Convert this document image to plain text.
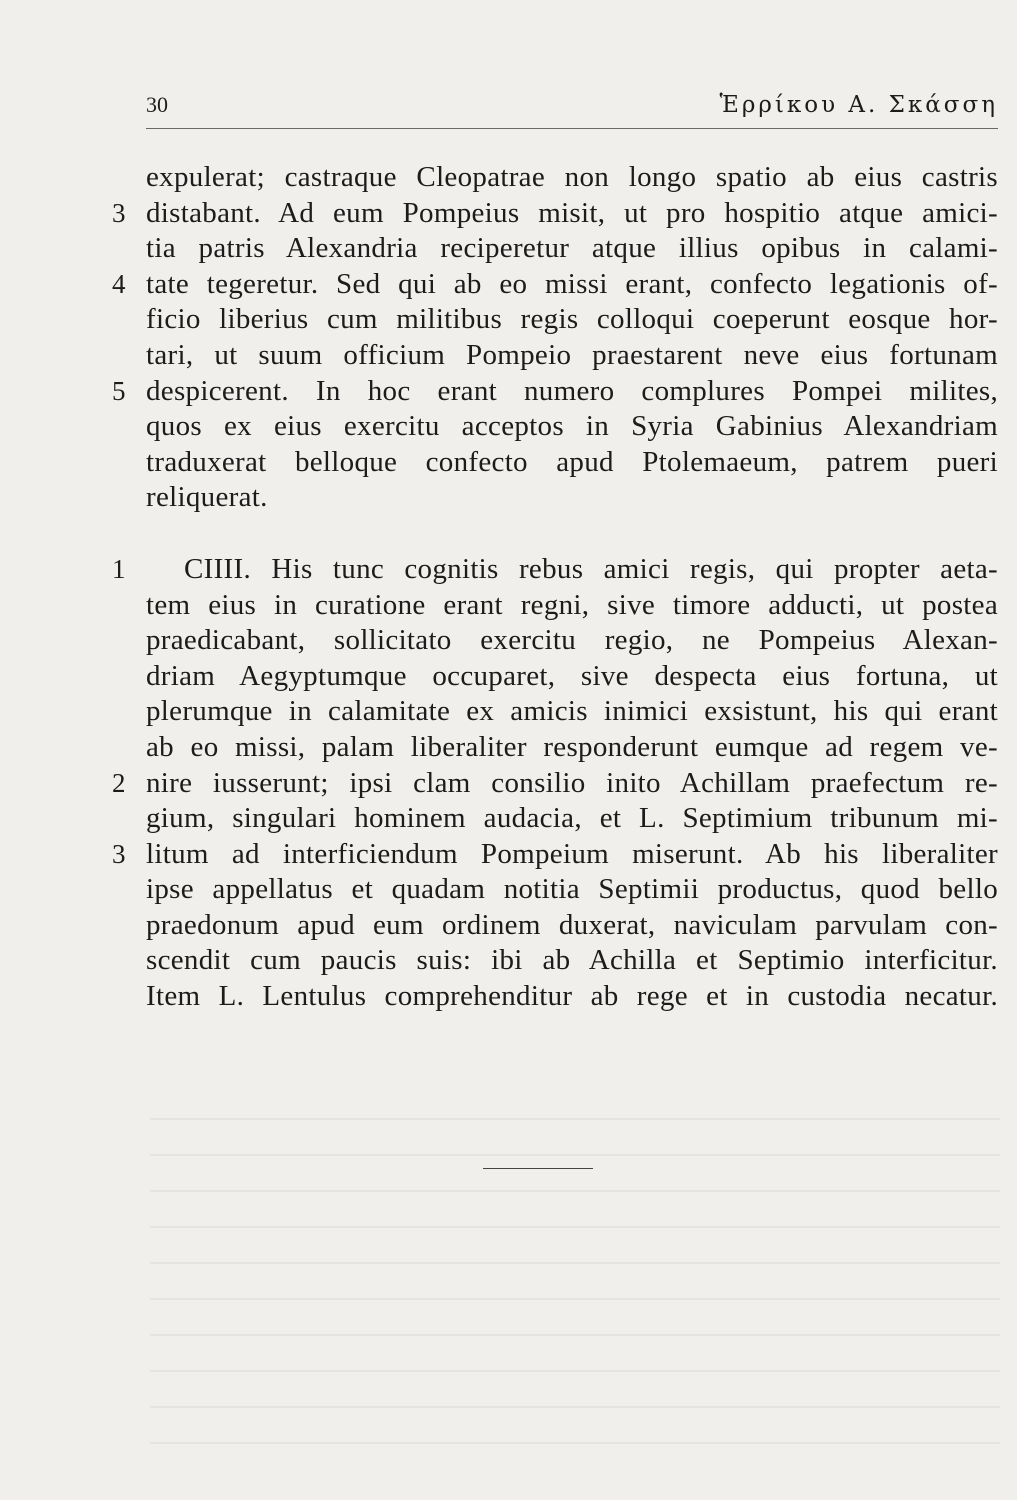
30	Ἑρρίκου Α. Σκάσση
expulerat; castraque Cleopatrae non longo spatio ab eius castris
3 distabant. Ad eum Pompeius misit, ut pro hospitio atque amici-
tia patris Alexandria reciperetur atque illius opibus in calami-
4 tate tegeretur. Sed qui ab eo missi erant, confecto legationis of-
ficio liberius cum militibus regis colloqui coeperunt eosque hor-
tari, ut suum officium Pompeio praestarent neve eius fortunam
5 despicerent. In hoc erant numero complures Pompei milites,
quos ex eius exercitu acceptos in Syria Gabinius Alexandriam
traduxerat belloque confecto apud Ptolemaeum, patrem pueri
reliquerat.
1 CIIII. His tunc cognitis rebus amici regis, qui propter aeta-
tem eius in curatione erant regni, sive timore adducti, ut postea
praedicabant, sollicitato exercitu regio, ne Pompeius Alexan-
driam Aegyptumque occuparet, sive despecta eius fortuna, ut
plerumque in calamitate ex amicis inimici exsistunt, his qui erant
ab eo missi, palam liberaliter responderunt eumque ad regem ve-
2 nire iusserunt; ipsi clam consilio inito Achillam praefectum re-
gium, singulari hominem audacia, et L. Septimium tribunum mi-
3 litum ad interficiendum Pompeium miserunt. Ab his liberaliter
ipse appellatus et quadam notitia Septimii productus, quod bello
praedonum apud eum ordinem duxerat, naviculam parvulam con-
scendit cum paucis suis: ibi ab Achilla et Septimio interficitur.
Item L. Lentulus comprehenditur ab rege et in custodia necatur.
